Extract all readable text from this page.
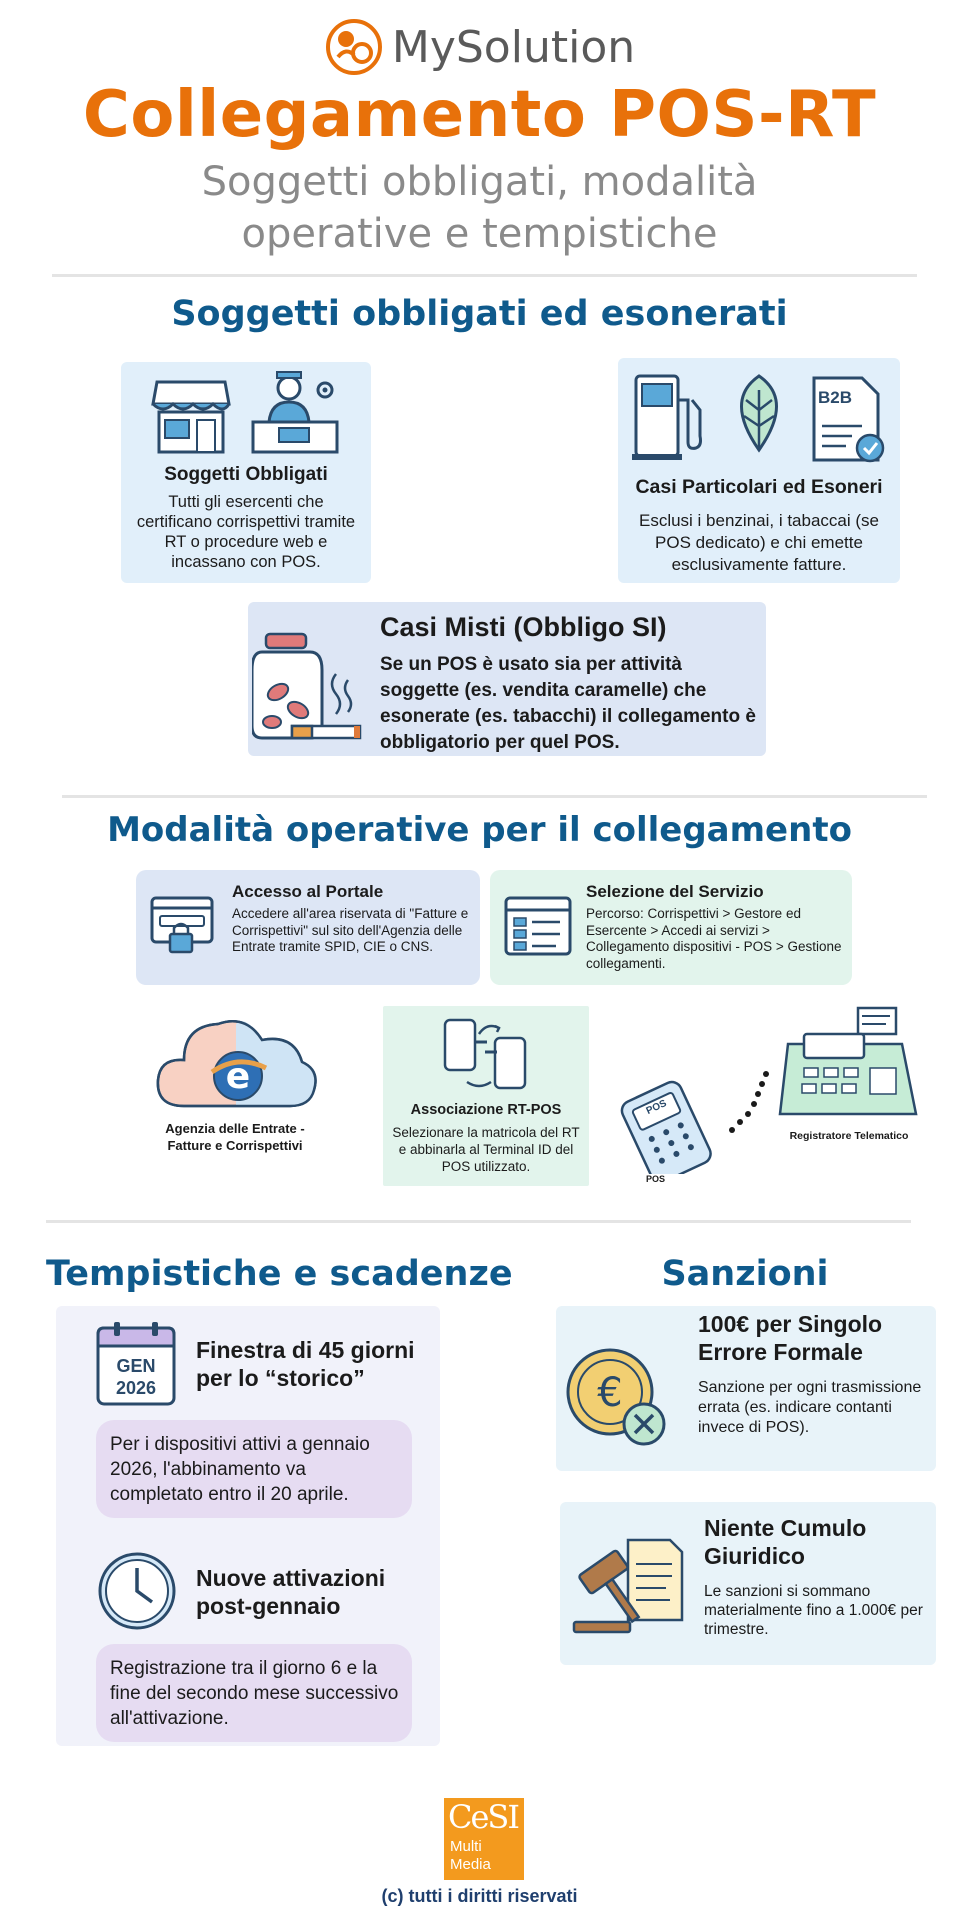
MySolution
Collegamento POS-RT
Soggetti obbligati, modalità operative e tempistiche
Soggetti obbligati ed esonerati
Soggetti Obbligati
Tutti gli esercenti che certificano corrispettivi tramite RT o procedure web e incassano con POS.
B2B
Casi Particolari ed Esoneri
Esclusi i benzinai, i tabaccai (se POS dedicato) e chi emette esclusivamente fatture.
Casi Misti (Obbligo SI)
Se un POS è usato sia per attività soggette (es. vendita caramelle) che esonerate (es. tabacchi) il collegamento è obbligatorio per quel POS.
Modalità operative per il collegamento
Accesso al Portale
Accedere all'area riservata di "Fatture e Corrispettivi" sul sito dell'Agenzia delle Entrate tramite SPID, CIE o CNS.
Selezione del Servizio
Percorso: Corrispettivi > Gestore ed Esercente > Accedi ai servizi > Collegamento dispositivi - POS > Gestione collegamenti.
e
Agenzia delle Entrate - Fatture e Corrispettivi
Associazione RT-POS
Selezionare la matricola del RT e abbinarla al Terminal ID del POS utilizzato.
POS
POS
Registratore Telematico
Tempistiche e scadenze
GEN
2026
Finestra di 45 giorni per lo “storico”
Per i dispositivi attivi a gennaio 2026, l'abbinamento va completato entro il 20 aprile.
Nuove attivazioni post-gennaio
Registrazione tra il giorno 6 e la fine del secondo mese successivo all'attivazione.
Sanzioni
€
100€ per Singolo Errore Formale
Sanzione per ogni trasmissione errata (es. indicare contanti invece di POS).
Niente Cumulo Giuridico
Le sanzioni si sommano materialmente fino a 1.000€ per trimestre.
CeSI
Multi
Media
(c) tutti i diritti riservati
